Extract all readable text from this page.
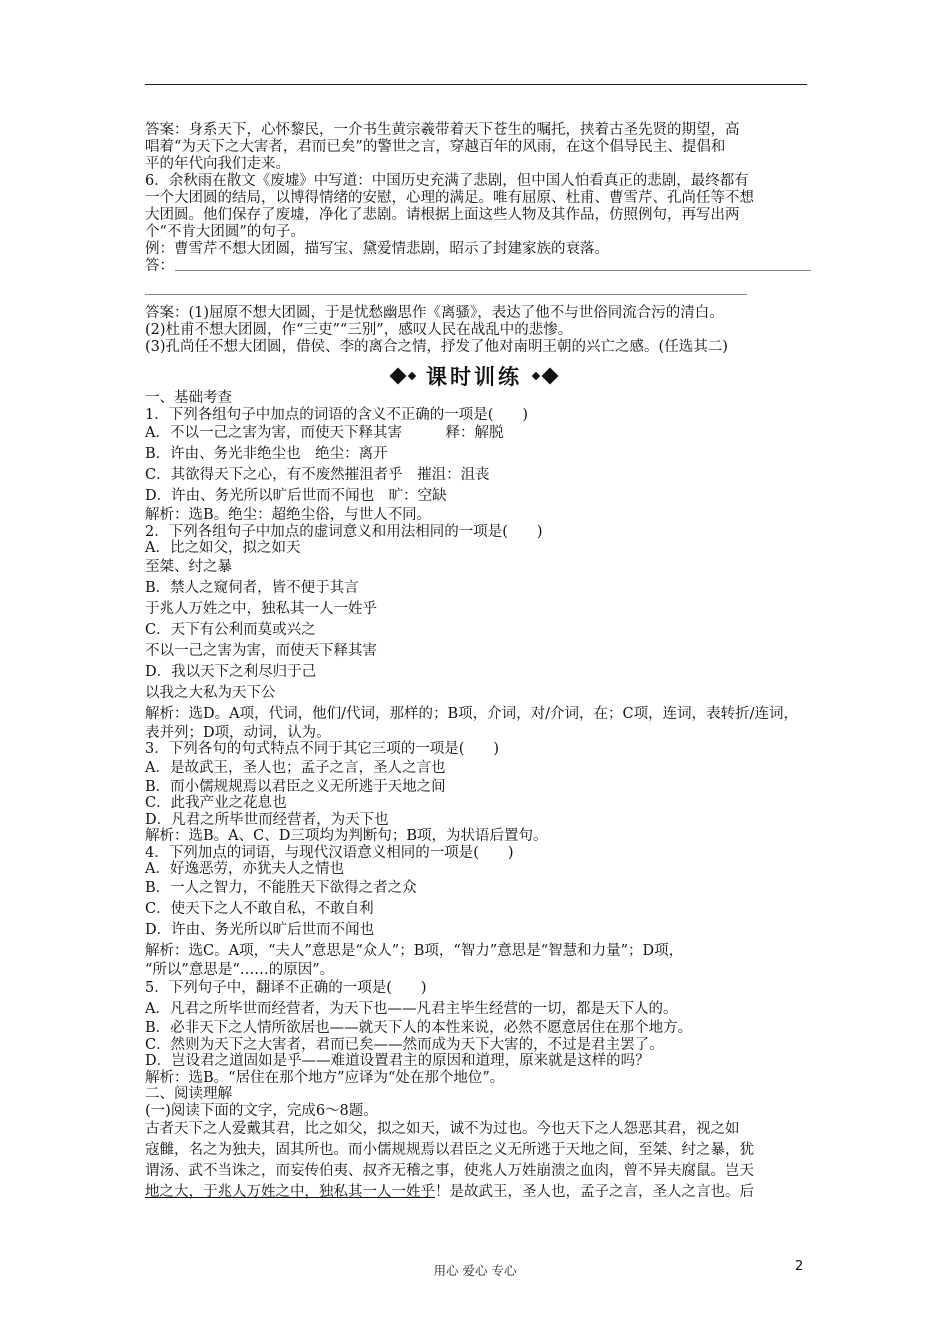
答案：身系天下，心怀黎民，一介书生黄宗羲带着天下苍生的嘱托，挟着古圣先贤的期望，高
唱着“为天下之大害者，君而已矣”的警世之言，穿越百年的风雨，在这个倡导民主、提倡和
平的年代向我们走来。
6．余秋雨在散文《废墟》中写道：中国历史充满了悲剧，但中国人怕看真正的悲剧，最终都有
一个大团圆的结局，以博得情绪的安慰，心理的满足。唯有屈原、杜甫、曹雪芹、孔尚任等不想
大团圆。他们保存了废墟，净化了悲剧。请根据上面这些人物及其作品，仿照例句，再写出两
个“不肯大团圆”的句子。
例：曹雪芹不想大团圆，描写宝、黛爱情悲剧，昭示了封建家族的衰落。
答：
答案：(1)屈原不想大团圆，于是忧愁幽思作《离骚》，表达了他不与世俗同流合污的清白。
(2)杜甫不想大团圆，作“三吏”“三别”，感叹人民在战乱中的悲惨。
(3)孔尚任不想大团圆，借侯、李的离合之情，抒发了他对南明王朝的兴亡之感。(任选其二)
课时训练
一、基础考查
1．下列各组句子中加点的词语的含义不正确的一项是(　　)
A．不以一己之害为害，而使天下释其害　　　释：解脱
B．许由、务光非绝尘也　绝尘：离开
C．其欲得天下之心，有不废然摧沮者乎　摧沮：沮丧
D．许由、务光所以旷后世而不闻也　旷：空缺
解析：选B。绝尘：超绝尘俗，与世人不同。
2．下列各组句子中加点的虚词意义和用法相同的一项是(　　)
A．比之如父，拟之如天
至桀、纣之暴
B．禁人之窥伺者，皆不便于其言
于兆人万姓之中，独私其一人一姓乎
C．天下有公利而莫或兴之
不以一己之害为害，而使天下释其害
D．我以天下之利尽归于己
以我之大私为天下公
解析：选D。A项，代词，他们/代词，那样的；B项，介词，对/介词，在；C项，连词，表转折/连词，
表并列；D项，动词，认为。
3．下列各句的句式特点不同于其它三项的一项是(　　)
A．是故武王，圣人也；孟子之言，圣人之言也
B．而小儒规规焉以君臣之义无所逃于天地之间
C．此我产业之花息也
D．凡君之所毕世而经营者，为天下也
解析：选B。A、C、D三项均为判断句；B项，为状语后置句。
4．下列加点的词语，与现代汉语意义相同的一项是(　　)
A．好逸恶劳，亦犹夫人之情也
B．一人之智力，不能胜天下欲得之者之众
C．使天下之人不敢自私，不敢自利
D．许由、务光所以旷后世而不闻也
解析：选C。A项，“夫人”意思是“众人”；B项，“智力”意思是“智慧和力量”；D项，
“所以”意思是“……的原因”。
5．下列句子中，翻译不正确的一项是(　　)
A．凡君之所毕世而经营者，为天下也——凡君主毕生经营的一切，都是天下人的。
B．必非天下之人情所欲居也——就天下人的本性来说，必然不愿意居住在那个地方。
C．然则为天下之大害者，君而已矣——然而成为天下大害的，不过是君主罢了。
D．岂设君之道固如是乎——难道设置君主的原因和道理，原来就是这样的吗？
解析：选B。“居住在那个地方”应译为“处在那个地位”。
二、阅读理解
(一)阅读下面的文字，完成6～8题。
古者天下之人爱戴其君，比之如父，拟之如天，诚不为过也。今也天下之人怨恶其君，视之如
寇雠，名之为独夫，固其所也。而小儒规规焉以君臣之义无所逃于天地之间，至桀、纣之暴，犹
谓汤、武不当诛之，而妄传伯夷、叔齐无稽之事，使兆人万姓崩溃之血肉，曾不异夫腐鼠。岂天
地之大，于兆人万姓之中，独私其一人一姓乎！是故武王，圣人也，孟子之言，圣人之言也。后
用心 爱心 专心	2
